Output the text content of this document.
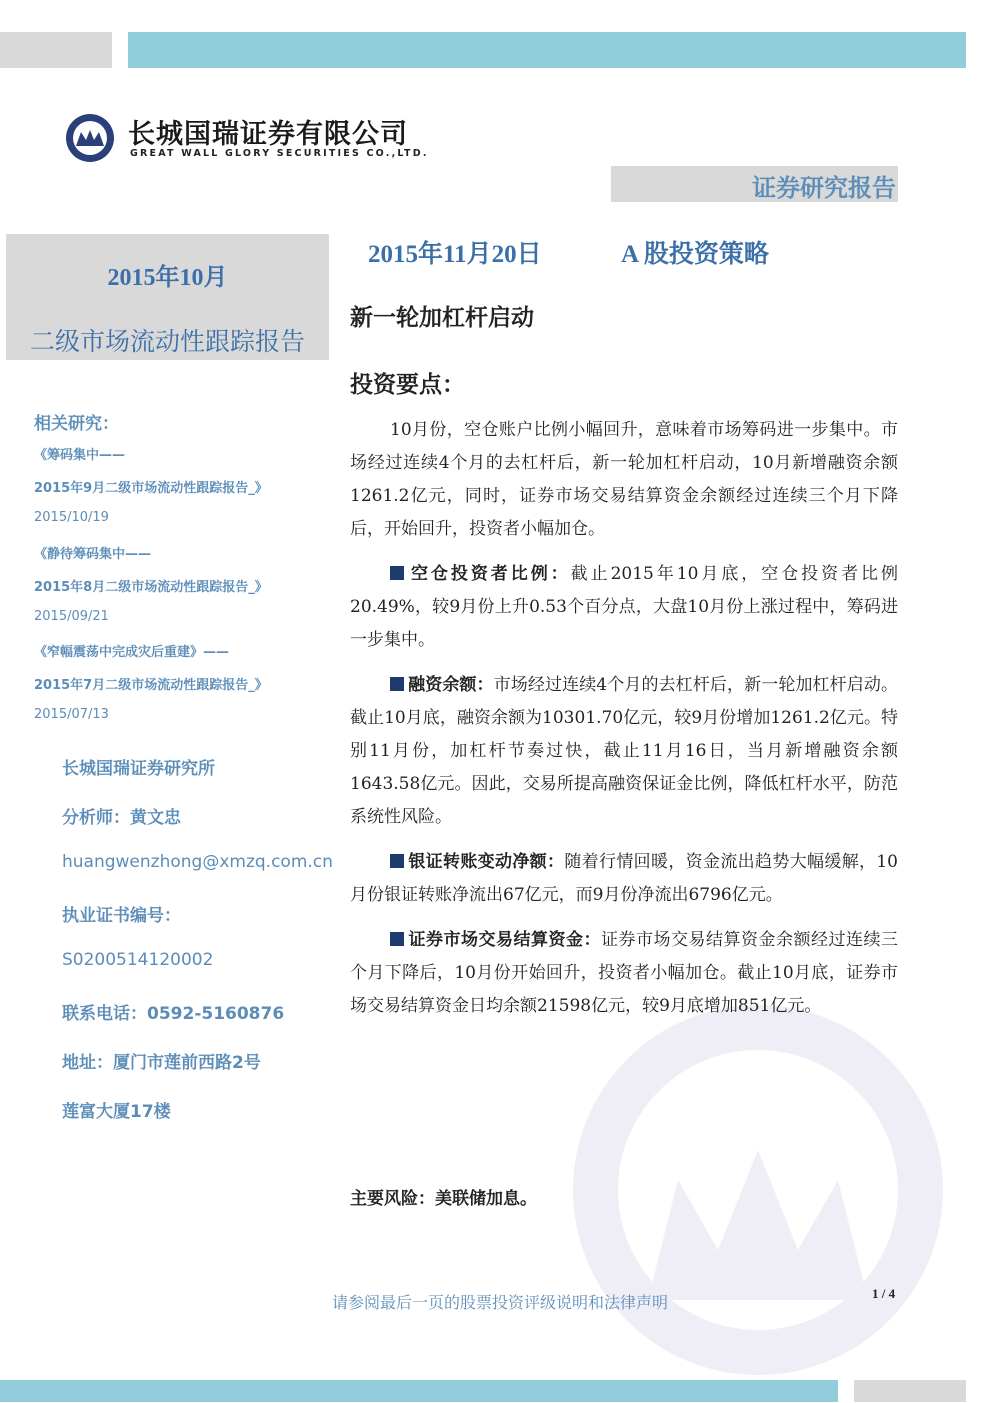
长城国瑞证券有限公司
GREAT WALL GLORY SECURITIES CO.,LTD.
证券研究报告
2015年10月
二级市场流动性跟踪报告
2015年11月20日	A 股投资策略
新一轮加杠杆启动
投资要点：
相关研究：
《筹码集中——
2015年9月二级市场流动性跟踪报告_》
2015/10/19
《静待筹码集中——
2015年8月二级市场流动性跟踪报告_》
2015/09/21
《窄幅震荡中完成灾后重建》——
2015年7月二级市场流动性跟踪报告_》
2015/07/13
长城国瑞证券研究所
分析师：黄文忠
huangwenzhong@xmzq.com.cn
执业证书编号：
S0200514120002
联系电话：0592-5160876
地址：厦门市莲前西路2号
莲富大厦17楼

10月份，空仓账户比例小幅回升，意味着市场筹码进一步集中。市场经过连续4个月的去杠杆后，新一轮加杠杆启动，10月新增融资余额1261.2亿元，同时，证券市场交易结算资金余额经过连续三个月下降后，开始回升，投资者小幅加仓。

空仓投资者比例：截止2015年10月底，空仓投资者比例20.49%，较9月份上升0.53个百分点，大盘10月份上涨过程中，筹码进一步集中。

融资余额：市场经过连续4个月的去杠杆后，新一轮加杠杆启动。截止10月底，融资余额为10301.70亿元，较9月份增加1261.2亿元。特别11月份，加杠杆节奏过快，截止11月16日，当月新增融资余额1643.58亿元。因此，交易所提高融资保证金比例，降低杠杆水平，防范系统性风险。

银证转账变动净额：随着行情回暖，资金流出趋势大幅缓解，10月份银证转账净流出67亿元，而9月份净流出6796亿元。

证券市场交易结算资金：证券市场交易结算资金余额经过连续三个月下降后，10月份开始回升，投资者小幅加仓。截止10月底，证券市场交易结算资金日均余额21598亿元，较9月底增加851亿元。

主要风险：美联储加息。
请参阅最后一页的股票投资评级说明和法律声明	1 / 4
